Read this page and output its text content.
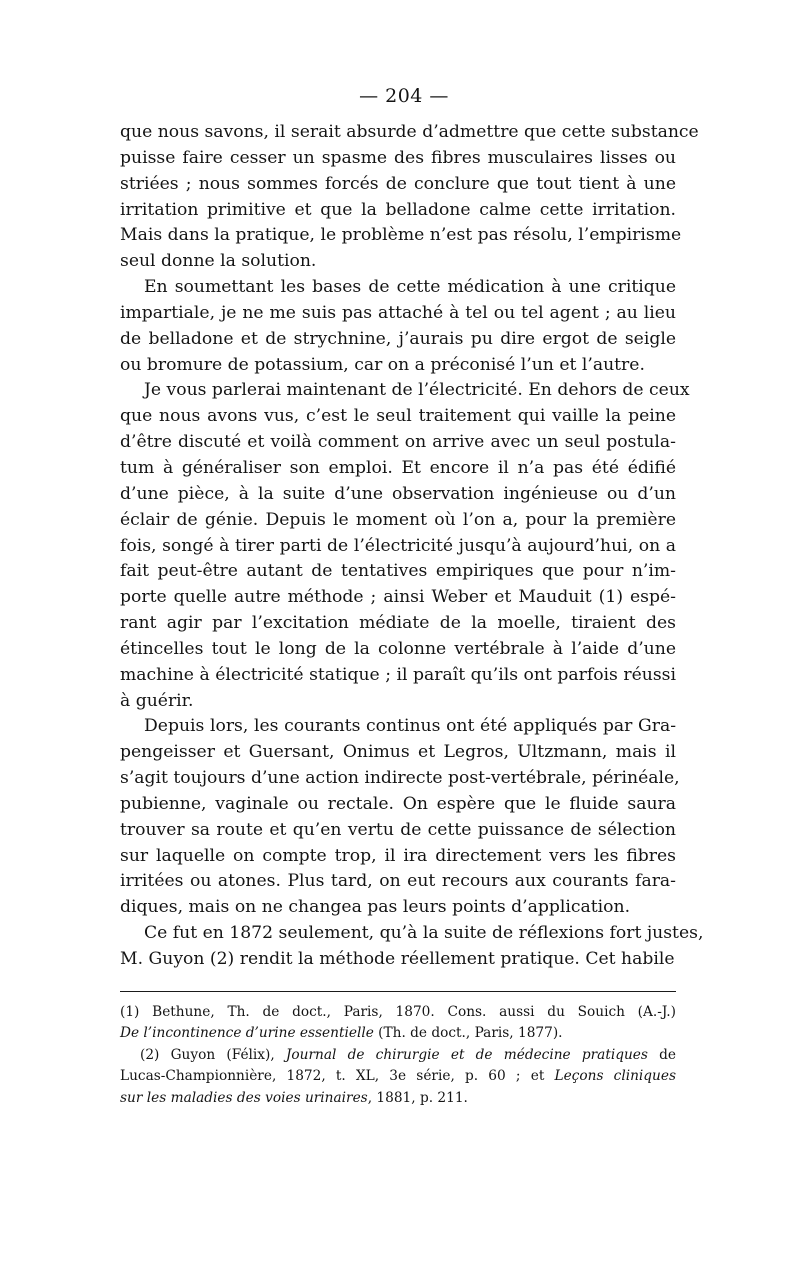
— 204 —
que nous savons, il serait absurde d’admettre que cette substance
puisse faire cesser un spasme des fibres musculaires lisses ou
striées ; nous sommes forcés de conclure que tout tient à une
irritation primitive et que la belladone calme cette irritation.
Mais dans la pratique, le problème n’est pas résolu, l’empirisme
seul donne la solution.
En soumettant les bases de cette médication à une critique
impartiale, je ne me suis pas attaché à tel ou tel agent ; au lieu
de belladone et de strychnine, j’aurais pu dire ergot de seigle
ou bromure de potassium, car on a préconisé l’un et l’autre.
Je vous parlerai maintenant de l’électricité. En dehors de ceux
que nous avons vus, c’est le seul traitement qui vaille la peine
d’être discuté et voilà comment on arrive avec un seul postula-
tum à généraliser son emploi. Et encore il n’a pas été édifié
d’une pièce, à la suite d’une observation ingénieuse ou d’un
éclair de génie. Depuis le moment où l’on a, pour la première
fois, songé à tirer parti de l’électricité jusqu’à aujourd’hui, on a
fait peut-être autant de tentatives empiriques que pour n’im-
porte quelle autre méthode ; ainsi Weber et Mauduit (1) espé-
rant agir par l’excitation médiate de la moelle, tiraient des
étincelles tout le long de la colonne vertébrale à l’aide d’une
machine à électricité statique ; il paraît qu’ils ont parfois réussi
à guérir.
Depuis lors, les courants continus ont été appliqués par Gra-
pengeisser et Guersant, Onimus et Legros, Ultzmann, mais il
s’agit toujours d’une action indirecte post-vertébrale, périnéale,
pubienne, vaginale ou rectale. On espère que le fluide saura
trouver sa route et qu’en vertu de cette puissance de sélection
sur laquelle on compte trop, il ira directement vers les fibres
irritées ou atones. Plus tard, on eut recours aux courants fara-
diques, mais on ne changea pas leurs points d’application.
Ce fut en 1872 seulement, qu’à la suite de réflexions fort justes,
M. Guyon (2) rendit la méthode réellement pratique. Cet habile
(1) Bethune, Th. de doct., Paris, 1870. Cons. aussi du Souich (A.-J.)
De l’incontinence d’urine essentielle (Th. de doct., Paris, 1877).
(2) Guyon (Félix), Journal de chirurgie et de médecine pratiques de
Lucas-Championnière, 1872, t. XL, 3e série, p. 60 ; et Leçons cliniques
sur les maladies des voies urinaires, 1881, p. 211.
